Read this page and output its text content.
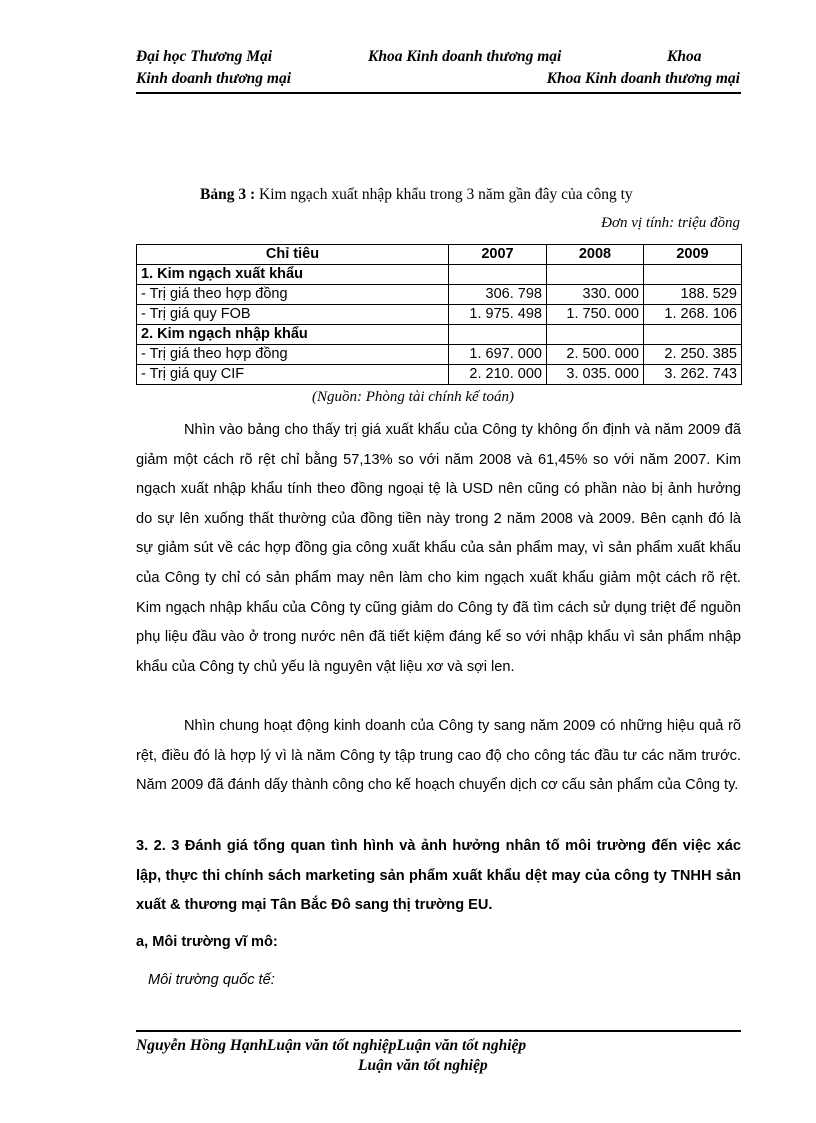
Đại học Thương Mại	Khoa Kinh doanh thương mại	Khoa
Kinh doanh thương mại	Khoa Kinh doanh thương mại
Bảng 3 : Kim ngạch xuất nhập khẩu trong 3 năm gần đây của công ty
Đơn vị tính: triệu đồng
Chỉ tiêu	2007	2008	2009
1. Kim ngạch xuất khẩu			
- Trị giá theo hợp đồng	306. 798	330. 000	188. 529
- Trị giá quy FOB	1. 975. 498	1. 750. 000	1. 268. 106
2. Kim ngạch nhập khẩu			
- Trị giá theo hợp đồng	1. 697. 000	2. 500. 000	2. 250. 385
- Trị giá quy CIF	2. 210. 000	3. 035. 000	3. 262. 743
(Nguồn: Phòng tài chính kế toán)
Nhìn vào bảng cho thấy trị giá xuất khẩu của Công ty không ổn định và năm 2009 đã giảm một cách rõ rệt chỉ bằng 57,13% so với năm 2008 và 61,45% so với năm 2007. Kim ngạch xuất nhập khẩu tính theo đồng ngoại tệ là USD nên cũng có phần nào bị ảnh hưởng do sự lên xuống thất thường của đồng tiền này trong 2 năm 2008 và 2009. Bên cạnh đó là sự giảm sút về các hợp đồng gia công xuất khẩu của sản phẩm may, vì sản phẩm xuất khẩu của Công ty chỉ có sản phẩm may nên làm cho kim ngạch xuất khẩu giảm một cách rõ rệt. Kim ngạch nhập khẩu của Công ty cũng giảm do Công ty đã tìm cách sử dụng triệt để nguồn phụ liệu đầu vào ở trong nước nên đã tiết kiệm đáng kể so với nhập khẩu vì sản phẩm nhập khẩu của Công ty chủ yếu là nguyên vật liệu xơ và sợi len.
Nhìn chung hoạt động kinh doanh của Công ty sang năm 2009 có những hiệu quả rõ rệt, điều đó là hợp lý vì là năm Công ty tập trung cao độ cho công tác đầu tư các năm trước. Năm 2009 đã đánh dấy thành công cho kế hoạch chuyển dịch cơ cấu sản phẩm của Công ty.
3. 2. 3 Đánh giá tổng quan tình hình và ảnh hưởng nhân tố môi trường đến việc xác lập, thực thi chính sách marketing sản phẩm xuất khẩu dệt may của công ty TNHH sản xuất & thương mại Tân Bắc Đô sang thị trường EU.
a, Môi trường vĩ mô:
Môi trường quốc tế:
Nguyễn Hồng HạnhLuận văn tốt nghiệpLuận văn tốt nghiệp
Luận văn tốt nghiệp
